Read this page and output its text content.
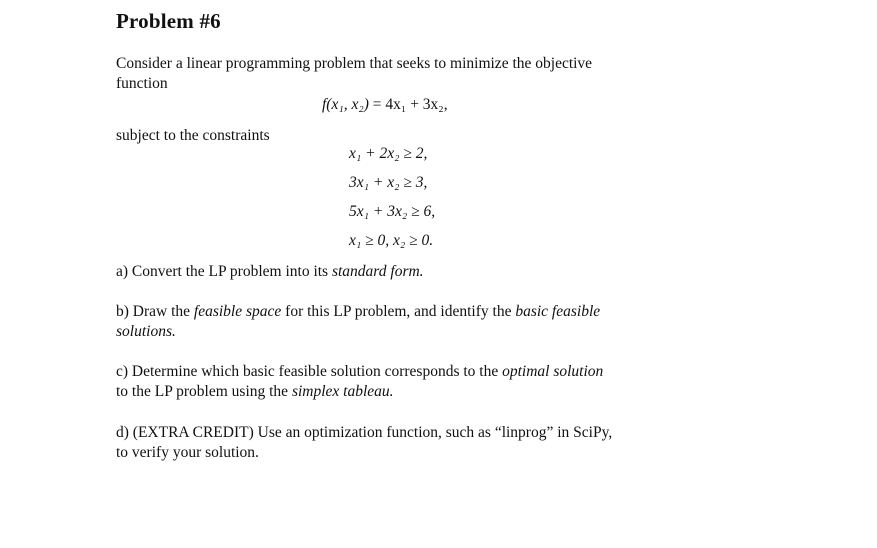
Problem #6
Consider a linear programming problem that seeks to minimize the objective
function
f(x₁, x₂) = 4x₁ + 3x₂,
subject to the constraints
x₁ + 2x₂ ≥ 2,
3x₁ + x₂ ≥ 3,
5x₁ + 3x₂ ≥ 6,
x₁ ≥ 0, x₂ ≥ 0.
a) Convert the LP problem into its standard form.
b) Draw the feasible space for this LP problem, and identify the basic feasible
solutions.
c) Determine which basic feasible solution corresponds to the optimal solution
to the LP problem using the simplex tableau.
d) (EXTRA CREDIT) Use an optimization function, such as “linprog” in SciPy,
to verify your solution.
